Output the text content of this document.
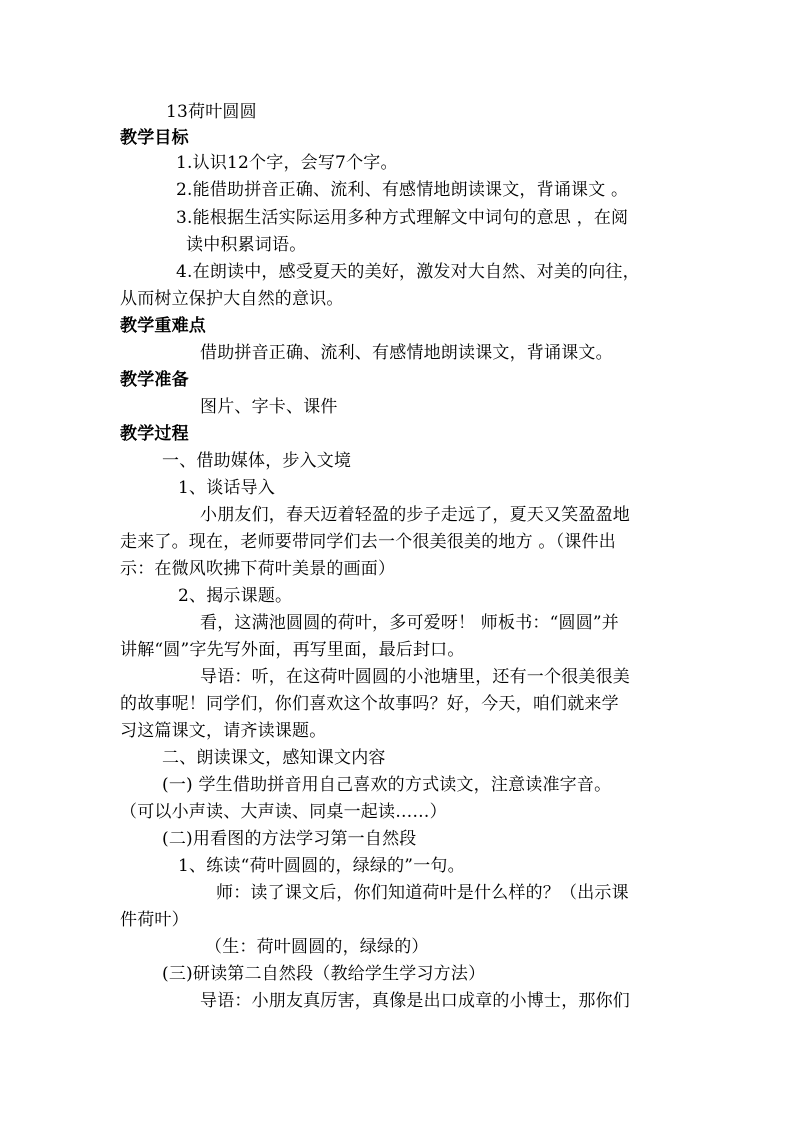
13荷叶圆圆
教学目标
1.认识12个字，会写7个字。
2.能借助拼音正确、流利、有感情地朗读课文，背诵课文 。
3.能根据生活实际运用多种方式理解文中词句的意思 ，在阅
读中积累词语。
4.在朗读中，感受夏天的美好，激发对大自然、对美的向往，
从而树立保护大自然的意识。
教学重难点
借助拼音正确、流利、有感情地朗读课文，背诵课文。
教学准备
图片、字卡、课件
教学过程
一、借助媒体，步入文境
1、谈话导入
小朋友们，春天迈着轻盈的步子走远了，夏天又笑盈盈地
走来了。现在，老师要带同学们去一个很美很美的地方 。（课件出
示：在微风吹拂下荷叶美景的画面）
2、揭示课题。
看，这满池圆圆的荷叶，多可爱呀！ 师板书：“圆圆”并
讲解“圆”字先写外面，再写里面，最后封口。
导语：听，在这荷叶圆圆的小池塘里，还有一个很美很美
的故事呢！同学们，你们喜欢这个故事吗？好，今天，咱们就来学
习这篇课文，请齐读课题。
二、朗读课文，感知课文内容
(一) 学生借助拼音用自己喜欢的方式读文，注意读准字音。
（可以小声读、大声读、同桌一起读……）
(二)用看图的方法学习第一自然段
1、练读“荷叶圆圆的，绿绿的”一句。
师：读了课文后，你们知道荷叶是什么样的？（出示课
件荷叶）
（生：荷叶圆圆的，绿绿的）
(三)研读第二自然段（教给学生学习方法）
导语：小朋友真厉害，真像是出口成章的小博士，那你们
